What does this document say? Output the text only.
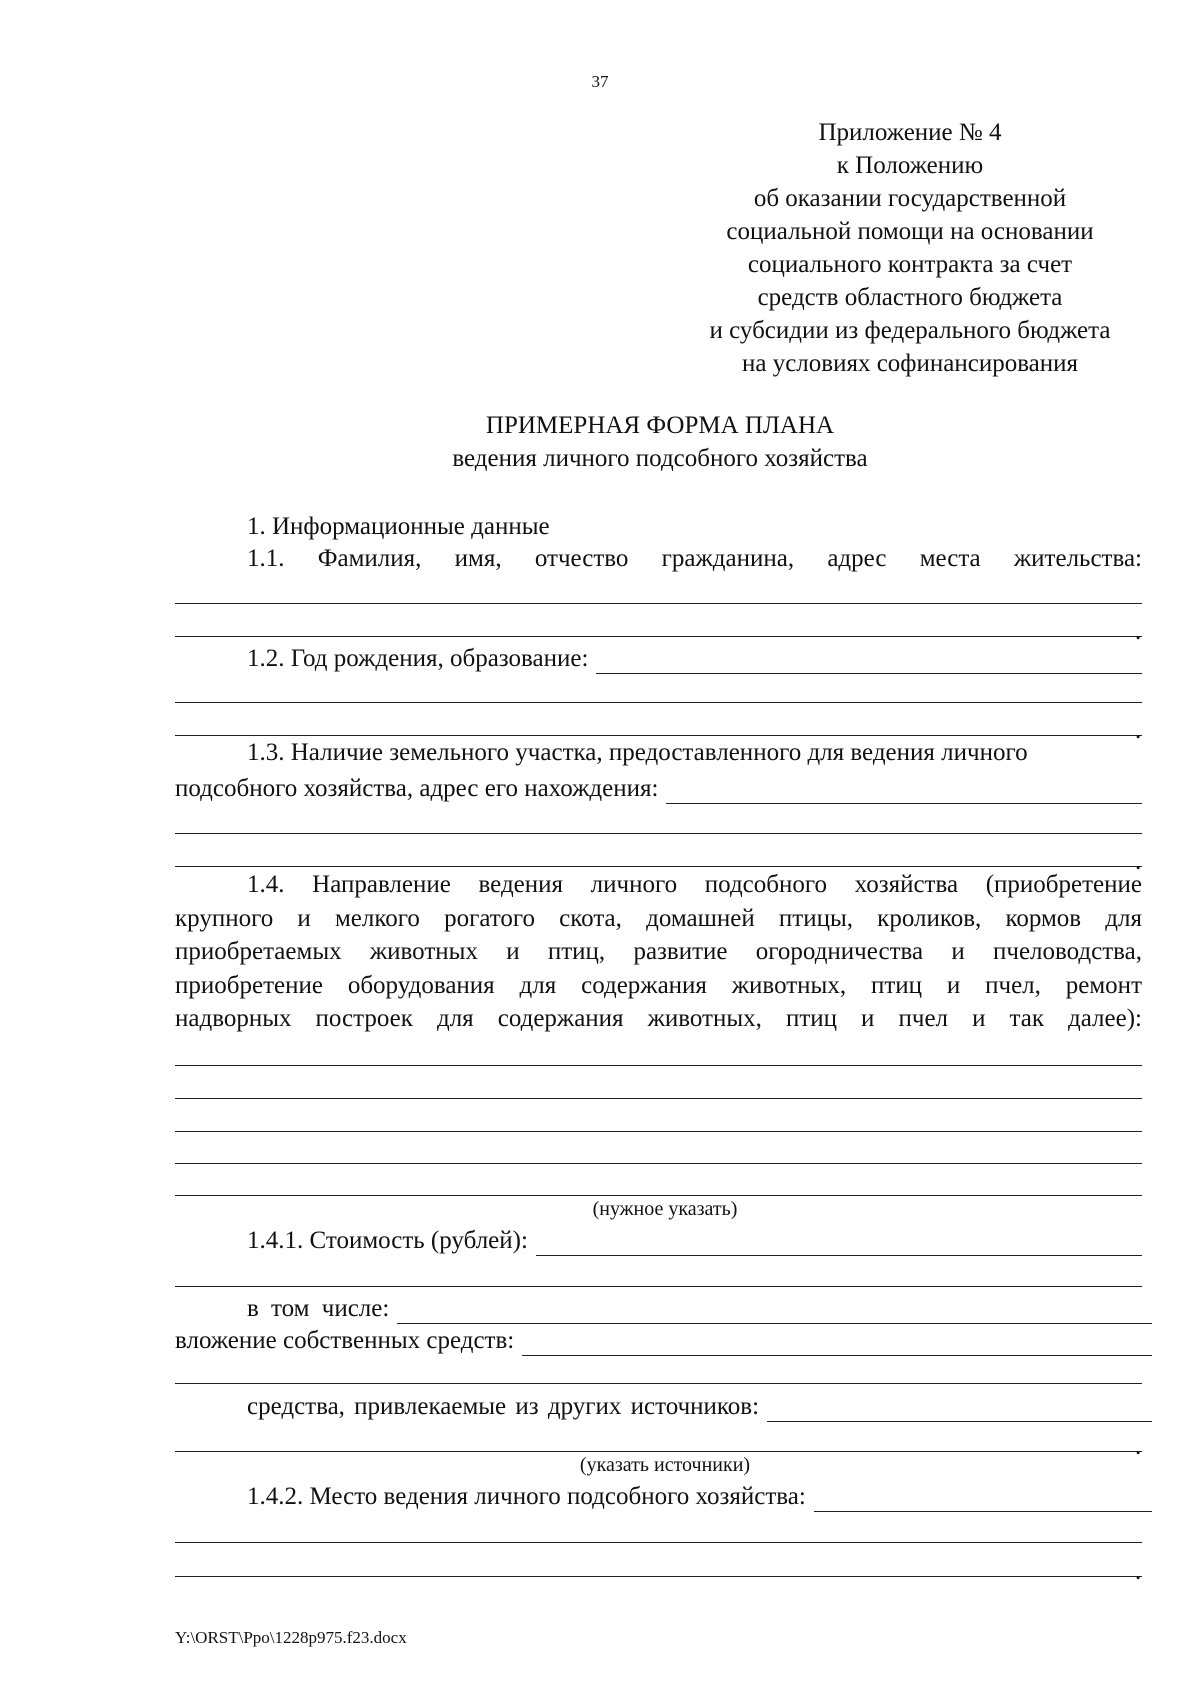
37
Приложение № 4
к Положению
об оказании государственной
социальной помощи на основании
социального контракта за счет
средств областного бюджета
и субсидии из федерального бюджета
на условиях софинансирования
ПРИМЕРНАЯ ФОРМА ПЛАНА
ведения личного подсобного хозяйства
1. Информационные данные
1.1. Фамилия, имя, отчество гражданина, адрес места жительства:
.
1.2. Год рождения, образование:
.
1.3. Наличие земельного участка, предоставленного для ведения личного
подсобного хозяйства, адрес его нахождения:
.
1.4. Направление ведения личного подсобного хозяйства (приобретение
крупного и мелкого рогатого скота, домашней птицы, кроликов, кормов для
приобретаемых животных и птиц, развитие огородничества и пчеловодства,
приобретение оборудования для содержания животных, птиц и пчел, ремонт
надворных построек для содержания животных, птиц и пчел и так далее):
(нужное указать)
1.4.1. Стоимость (рублей):
в том числе:
вложение собственных средств:
средства, привлекаемые из других источников:
.
(указать источники)
1.4.2. Место ведения личного подсобного хозяйства:
.
Y:\ORST\Ppo\1228p975.f23.docx
